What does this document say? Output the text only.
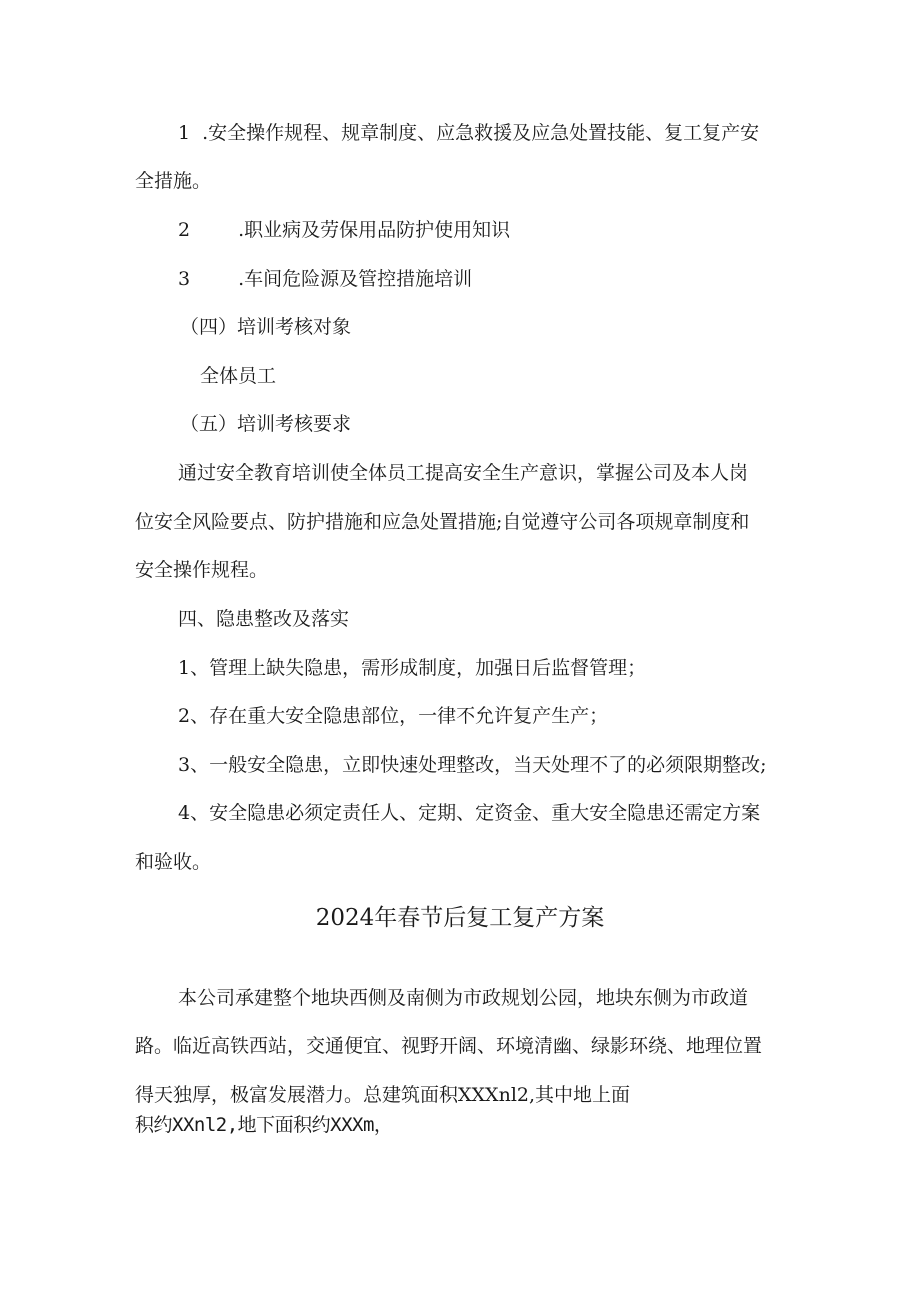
1 .安全操作规程、规章制度、应急救援及应急处置技能、复工复产安

全措施。

2	.职业病及劳保用品防护使用知识

3	.车间危险源及管控措施培训

（四）培训考核对象

全体员工

（五）培训考核要求

通过安全教育培训使全体员工提高安全生产意识，掌握公司及本人岗

位安全风险要点、防护措施和应急处置措施;自觉遵守公司各项规章制度和

安全操作规程。

四、隐患整改及落实

1、管理上缺失隐患，需形成制度，加强日后监督管理；

2、存在重大安全隐患部位，一律不允许复产生产；

3、一般安全隐患，立即快速处理整改，当天处理不了的必须限期整改;

4、安全隐患必须定责任人、定期、定资金、重大安全隐患还需定方案

和验收。

2024年春节后复工复产方案

本公司承建整个地块西侧及南侧为市政规划公园，地块东侧为市政道

路。临近高铁西站，交通便宜、视野开阔、环境清幽、绿影环绕、地理位置

得天独厚，极富发展潜力。总建筑面积XXXnl2,其中地上面

积约XXnl2,地下面积约XXXm，
